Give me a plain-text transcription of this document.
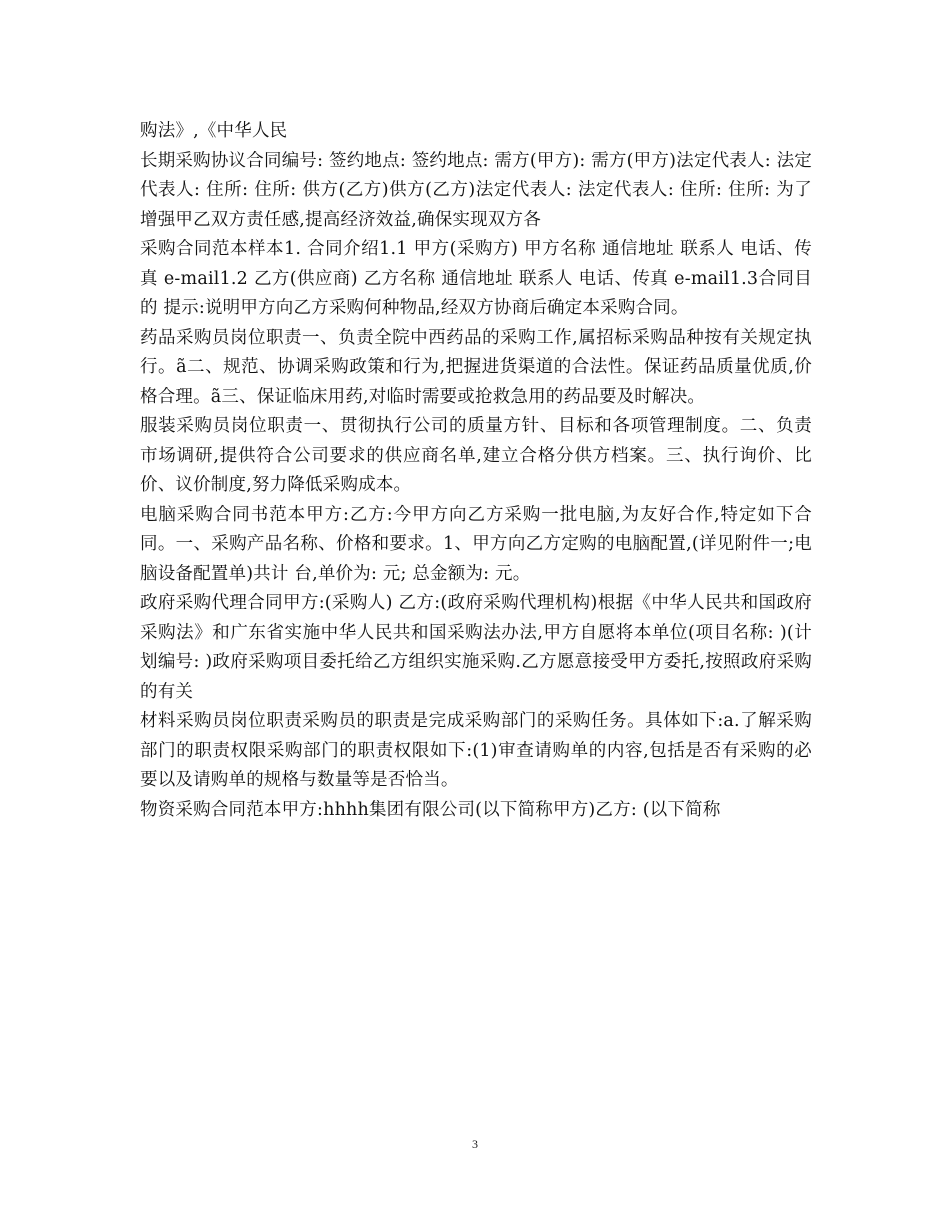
购法》,《中华人民

长期采购协议合同编号: 签约地点: 签约地点: 需方(甲方): 需方(甲方)法定代表人: 法定代表人: 住所: 住所: 供方(乙方)供方(乙方)法定代表人: 法定代表人: 住所: 住所: 为了增强甲乙双方责任感,提高经济效益,确保实现双方各

采购合同范本样本1. 合同介绍1.1 甲方(采购方) 甲方名称 通信地址 联系人 电话、传真 e-mail1.2 乙方(供应商) 乙方名称 通信地址 联系人 电话、传真 e-mail1.3合同目的 提示:说明甲方向乙方采购何种物品,经双方协商后确定本采购合同。

药品采购员岗位职责一、负责全院中西药品的采购工作,属招标采购品种按有关规定执行。ã二、规范、协调采购政策和行为,把握进货渠道的合法性。保证药品质量优质,价格合理。ã三、保证临床用药,对临时需要或抢救急用的药品要及时解决。

服装采购员岗位职责一、贯彻执行公司的质量方针、目标和各项管理制度。二、负责市场调研,提供符合公司要求的供应商名单,建立合格分供方档案。三、执行询价、比价、议价制度,努力降低采购成本。

电脑采购合同书范本甲方:乙方:今甲方向乙方采购一批电脑,为友好合作,特定如下合同。一、采购产品名称、价格和要求。1、甲方向乙方定购的电脑配置,(详见附件一;电脑设备配置单)共计 台,单价为: 元; 总金额为: 元。

政府采购代理合同甲方:(采购人) 乙方:(政府采购代理机构)根据《中华人民共和国政府采购法》和广东省实施中华人民共和国采购法办法,甲方自愿将本单位(项目名称: )(计划编号: )政府采购项目委托给乙方组织实施采购.乙方愿意接受甲方委托,按照政府采购的有关

材料采购员岗位职责采购员的职责是完成采购部门的采购任务。具体如下:a.了解采购部门的职责权限采购部门的职责权限如下:(1)审查请购单的内容,包括是否有采购的必要以及请购单的规格与数量等是否恰当。

物资采购合同范本甲方:hhhh集团有限公司(以下简称甲方)乙方: (以下简称

3
